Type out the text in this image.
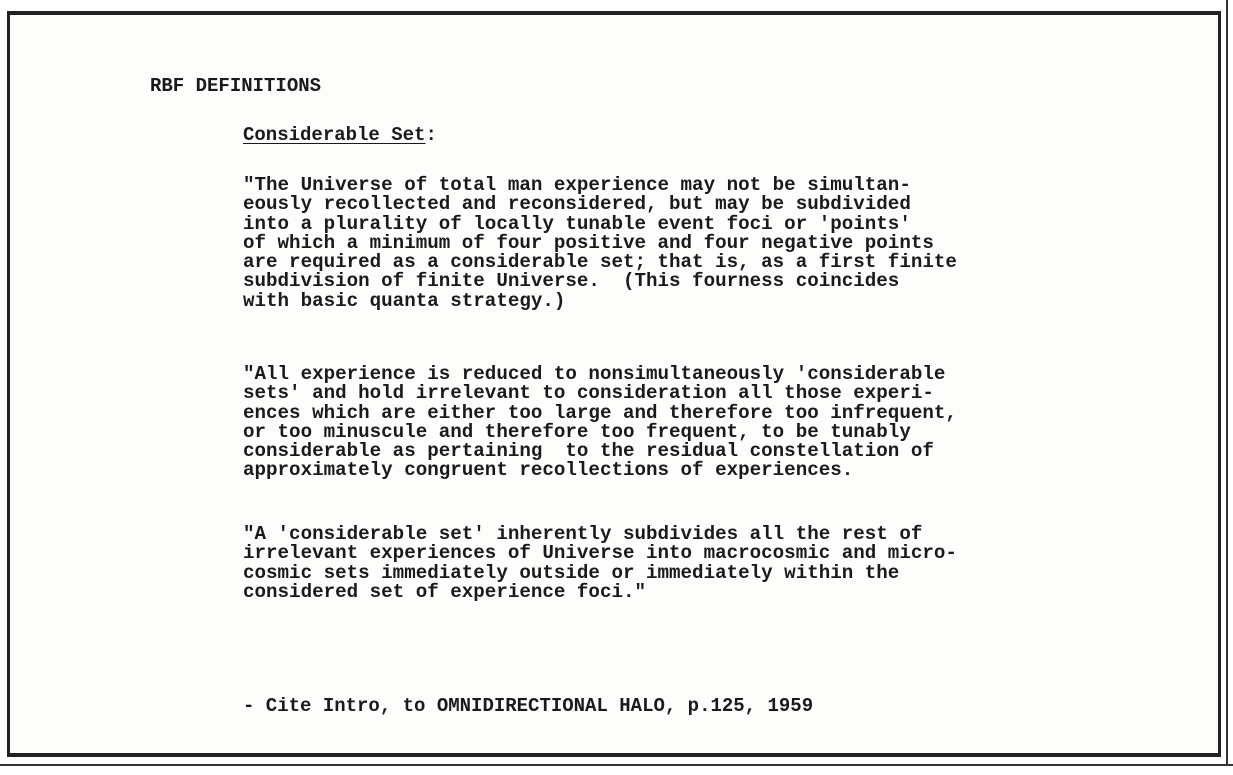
RBF DEFINITIONS
Considerable Set:

"The Universe of total man experience may not be simultan-
eously recollected and reconsidered, but may be subdivided
into a plurality of locally tunable event foci or 'points'
of which a minimum of four positive and four negative points
are required as a considerable set; that is, as a first finite
subdivision of finite Universe.  (This fourness coincides
with basic quanta strategy.)

"All experience is reduced to nonsimultaneously 'considerable
sets' and hold irrelevant to consideration all those experi-
ences which are either too large and therefore too infrequent,
or too minuscule and therefore too frequent, to be tunably
considerable as pertaining  to the residual constellation of
approximately congruent recollections of experiences.

"A 'considerable set' inherently subdivides all the rest of
irrelevant experiences of Universe into macrocosmic and micro-
cosmic sets immediately outside or immediately within the
considered set of experience foci."

- Cite Intro, to OMNIDIRECTIONAL HALO, p.125, 1959
